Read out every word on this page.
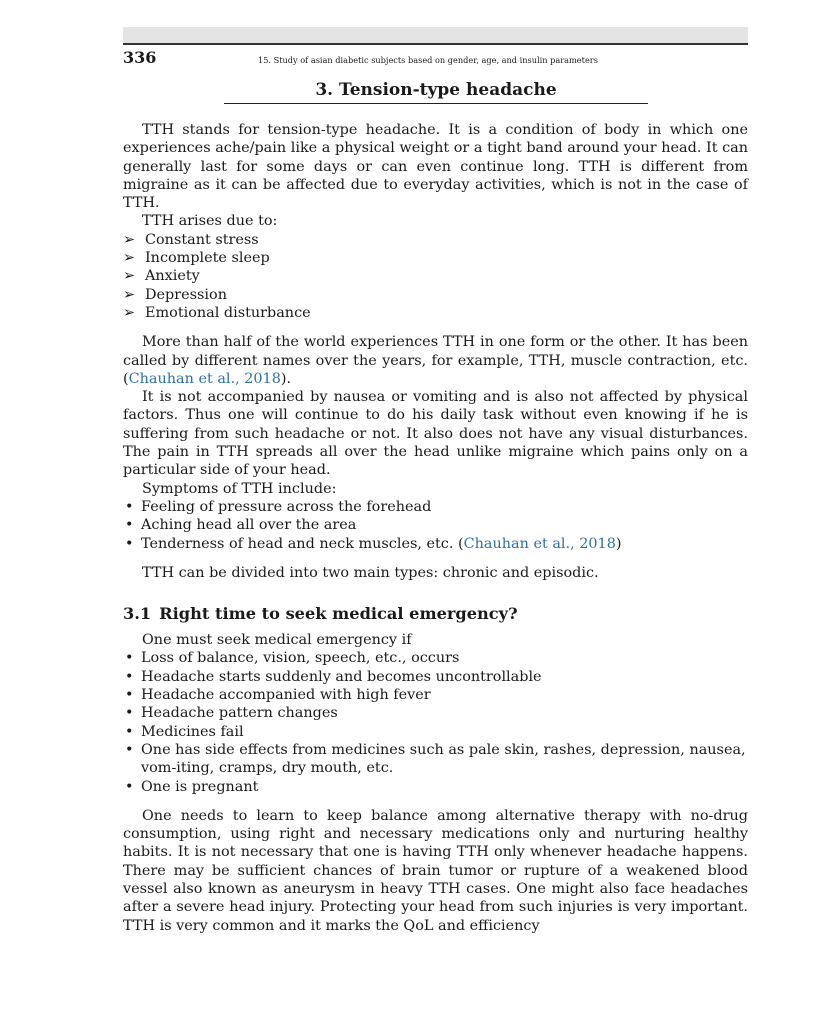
336	15. Study of asian diabetic subjects based on gender, age, and insulin parameters
3. Tension-type headache

TTH stands for tension-type headache. It is a condition of body in which one experiences ache/pain like a physical weight or a tight band around your head. It can generally last for some days or can even continue long. TTH is different from migraine as it can be affected due to everyday activities, which is not in the case of TTH.

TTH arises due to:

➢ Constant stress
➢ Incomplete sleep
➢ Anxiety
➢ Depression
➢ Emotional disturbance

More than half of the world experiences TTH in one form or the other. It has been called by different names over the years, for example, TTH, muscle contraction, etc. (Chauhan et al., 2018).

It is not accompanied by nausea or vomiting and is also not affected by physical factors. Thus one will continue to do his daily task without even knowing if he is suffering from such headache or not. It also does not have any visual disturbances. The pain in TTH spreads all over the head unlike migraine which pains only on a particular side of your head.

Symptoms of TTH include:

• Feeling of pressure across the forehead
• Aching head all over the area
• Tenderness of head and neck muscles, etc. (Chauhan et al., 2018)

TTH can be divided into two main types: chronic and episodic.

3.1 Right time to seek medical emergency?

One must seek medical emergency if

• Loss of balance, vision, speech, etc., occurs
• Headache starts suddenly and becomes uncontrollable
• Headache accompanied with high fever
• Headache pattern changes
• Medicines fail
• One has side effects from medicines such as pale skin, rashes, depression, nausea, vom-iting, cramps, dry mouth, etc.
• One is pregnant

One needs to learn to keep balance among alternative therapy with no-drug consumption, using right and necessary medications only and nurturing healthy habits. It is not necessary that one is having TTH only whenever headache happens. There may be sufficient chances of brain tumor or rupture of a weakened blood vessel also known as aneurysm in heavy TTH cases. One might also face headaches after a severe head injury. Protecting your head from such injuries is very important. TTH is very common and it marks the QoL and efficiency
